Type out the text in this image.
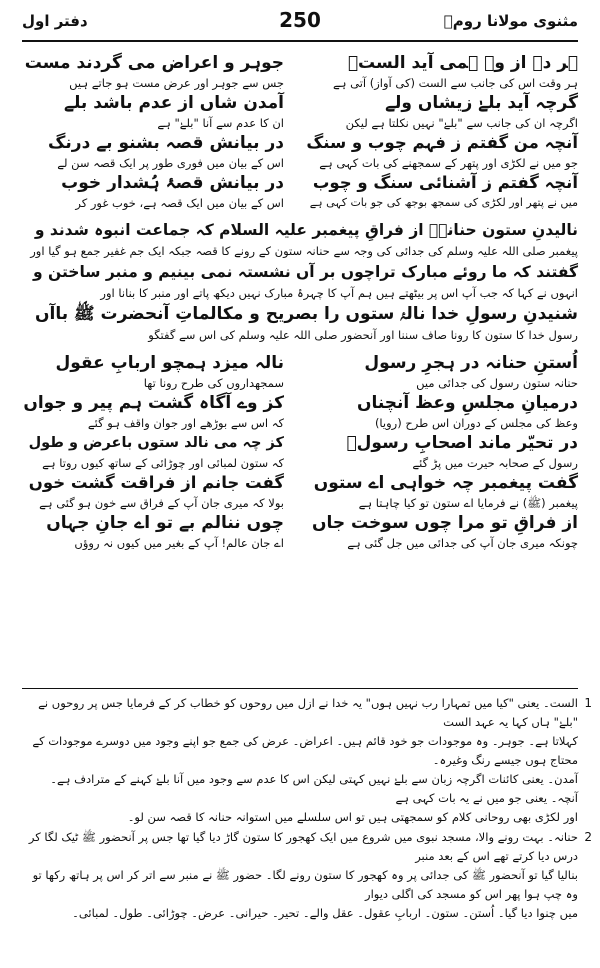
مثنوی مولانا رومؒ
250
دفتر اول
ہر دے از وے ہمی آید الستؐ
ہر وقت اس کی جانب سے الست (کی آواز) آتی ہے
گرچہ آید بلےٰ زیشاں ولے
اگرچہ ان کی جانب سے "بلےٰ" نہیں نکلتا ہے لیکن
آنچہ من گفتم ز فہم چوب و سنگ
جو میں نے لکڑی اور پتھر کے سمجھنے کی بات کہی ہے
آنچہ گفتم ز آشنائی سنگ و چوب
میں نے پتھر اور لکڑی کی سمجھ بوجھ کی جو بات کہی ہے
جوہر و اعراض می گردند مست
جس سے جوہر اور عرض مست ہو جاتے ہیں
آمدن شاں از عدم باشد بلے
ان کا عدم سے آنا "بلےٰ" ہے
در بیانش قصہ بشنو بے درنگ
اس کے بیان میں فوری طور پر ایک قصہ سن لے
در بیانش قصۂ ہُشدار خوب
اس کے بیان میں ایک قصہ ہے، خوب غور کر
نالیدنِ ستون حنانہؐ از فراقِ پیغمبر علیہ السلام کہ جماعت انبوہ شدند و
پیغمبر صلی اللہ علیہ وسلم کی جدائی کی وجہ سے حنانہ ستون کے رونے کا قصہ جبکہ ایک جم غفیر جمع ہو گیا اور
گفتند کہ ما روئے مبارک تراچوں بر آں نشستہ نمی بینیم و منبر ساختن و
انہوں نے کہا کہ جب آپ اس پر بیٹھتے ہیں ہم آپ کا چہرۂ مبارک نہیں دیکھ پاتے اور منبر کا بنانا اور
شنیدنِ رسولِ خدا نالۂ ستوں را بصریح و مکالماتِ آنحضرت ﷺ باآں
رسول خدا کا ستون کا رونا صاف سننا اور آنحضور صلی اللہ علیہ وسلم کی اس سے گفتگو
اُستنِ حنانہ در ہجرِ رسول
حنانہ ستون رسول کی جدائی میں
درمیانِ مجلسِ وعظ آنچناں
وعظ کی مجلس کے دوران اس طرح (رویا)
در تحیّر ماند اصحابِ رسولؐ
رسول کے صحابہ حیرت میں پڑ گئے
گفت پیغمبر چہ خواہی اے ستوں
پیغمبر (ﷺ) نے فرمایا اے ستون تو کیا چاہتا ہے
از فراقِ تو مرا چوں سوخت جاں
چونکہ میری جان آپ کی جدائی میں جل گئی ہے
نالہ میزد ہمچو اربابِ عقول
سمجھداروں کی طرح رونا تھا
کز وے آگاہ گشت ہم پیر و جواں
کہ اس سے بوڑھے اور جوان واقف ہو گئے
کز چہ می نالد ستوں باعرض و طول
کہ ستون لمبائی اور چوڑائی کے ساتھ کیوں روتا ہے
گفت جانم از فراقت گشت خوں
بولا کہ میری جان آپ کے فراق سے خون ہو گئی ہے
چوں ننالم بے تو اے جانِ جہاں
اے جان عالم! آپ کے بغیر میں کیوں نہ روؤں
1
الست۔ یعنی "کیا میں تمہارا رب نہیں ہوں" یہ خدا نے ازل میں روحوں کو خطاب کر کے فرمایا جس پر روحوں نے "بلےٰ" ہاں کہا یہ عہد الست
کہلاتا ہے۔ جوہر۔ وہ موجودات جو خود قائم ہیں۔ اعراض۔ عرض کی جمع جو اپنے وجود میں دوسرے موجودات کے محتاج ہوں جیسے رنگ وغیرہ۔
آمدن۔ یعنی کائنات اگرچہ زبان سے بلےٰ نہیں کہتی لیکن اس کا عدم سے وجود میں آنا بلےٰ کہنے کے مترادف ہے۔ آنچہ۔ یعنی جو میں نے یہ بات کہی ہے
اور لکڑی بھی روحانی کلام کو سمجھتی ہیں تو اس سلسلے میں استوانہ حنانہ کا قصہ سن لو۔
2
حنانہ۔ بہت رونے والا، مسجد نبوی میں شروع میں ایک کھجور کا ستون گاڑ دیا گیا تھا جس پر آنحضور ﷺ ٹیک لگا کر درس دیا کرتے تھے اس کے بعد منبر
بنالیا گیا تو آنحضور ﷺ کی جدائی پر وہ کھجور کا ستون رونے لگا۔ حضور ﷺ نے منبر سے اتر کر اس پر ہاتھ رکھا تو وہ چپ ہوا پھر اس کو مسجد کی اگلی دیوار
میں چنوا دیا گیا۔ اُستن۔ ستون۔ اربابِ عقول۔ عقل والے۔ تحیر۔ حیرانی۔ عرض۔ چوڑائی۔ طول۔ لمبائی۔
